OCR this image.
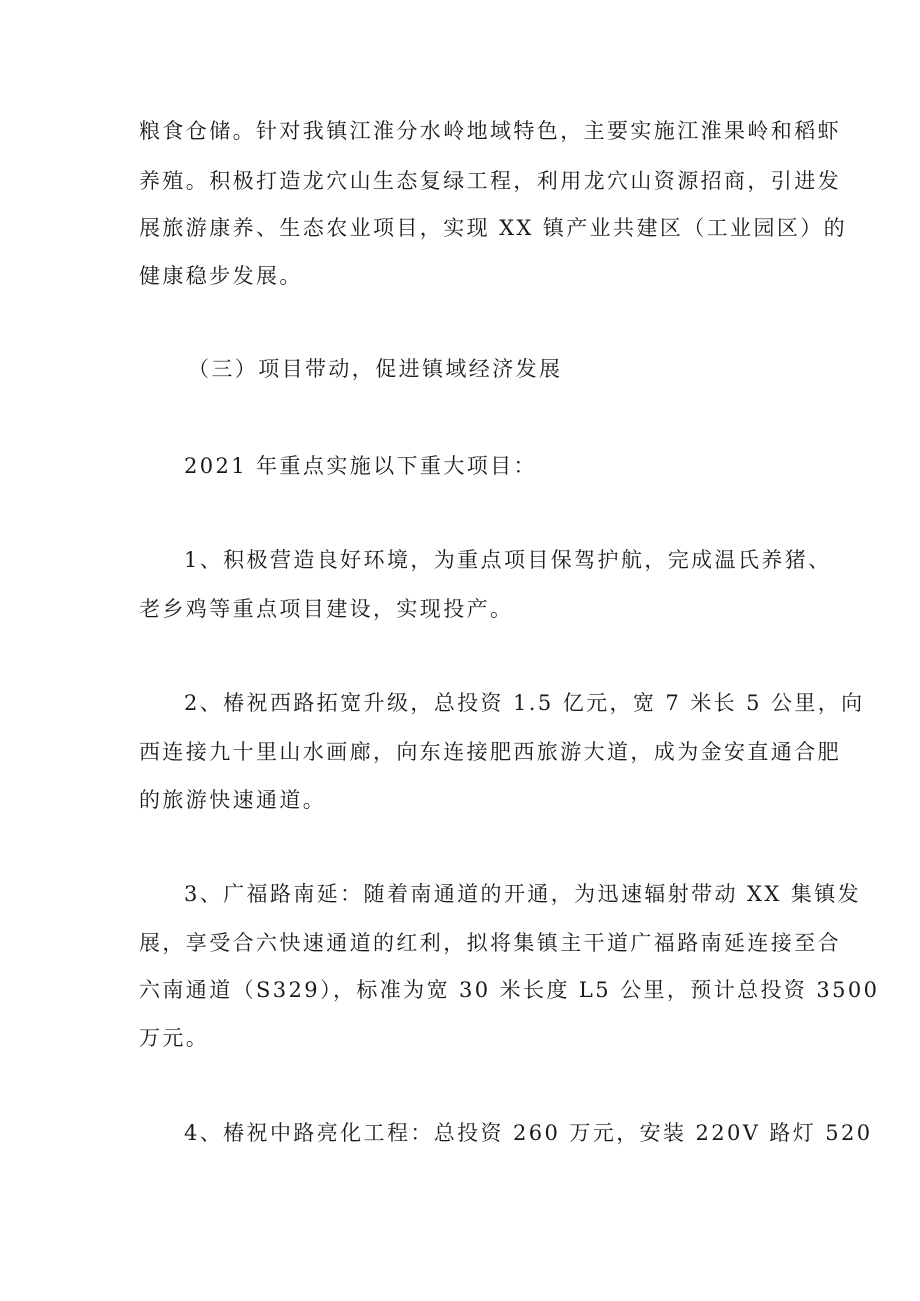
粮食仓储。针对我镇江淮分水岭地域特色，主要实施江淮果岭和稻虾

养殖。积极打造龙穴山生态复绿工程，利用龙穴山资源招商，引进发

展旅游康养、生态农业项目，实现 XX 镇产业共建区（工业园区）的

健康稳步发展。

（三）项目带动，促进镇域经济发展

2021 年重点实施以下重大项目：

1、积极营造良好环境，为重点项目保驾护航，完成温氏养猪、

老乡鸡等重点项目建设，实现投产。

2、椿祝西路拓宽升级，总投资 1.5 亿元，宽 7 米长 5 公里，向

西连接九十里山水画廊，向东连接肥西旅游大道，成为金安直通合肥

的旅游快速通道。

3、广福路南延：随着南通道的开通，为迅速辐射带动 XX 集镇发

展，享受合六快速通道的红利，拟将集镇主干道广福路南延连接至合

六南通道（S329），标准为宽 30 米长度 L5 公里，预计总投资 3500

万元。

4、椿祝中路亮化工程：总投资 260 万元，安装 220V 路灯 520
